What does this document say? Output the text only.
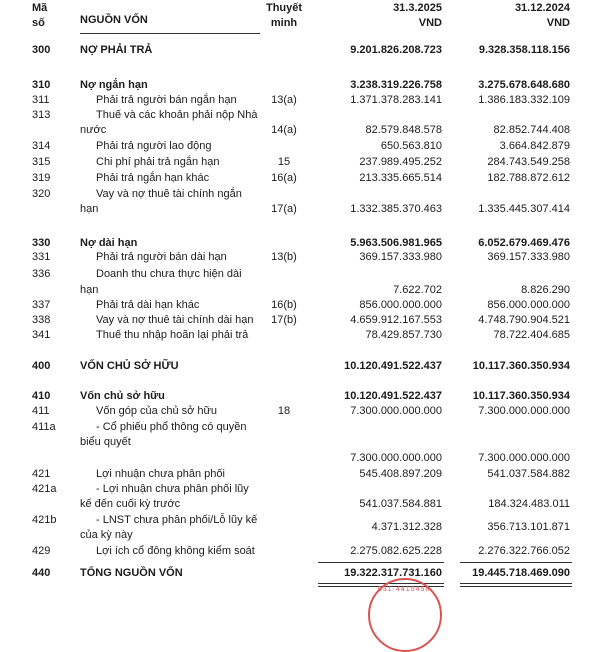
Mã
số	NGUỒN VỐN
Thuyết
minh
31.3.2025
VND
31.12.2024
VND
300	NỢ PHẢI TRẢ	9.201.826.208.723	9.328.358.118.156
310	Nợ ngắn hạn	3.238.319.226.758	3.275.678.648.680
311	Phải trả người bán ngắn hạn	13(a)	1.371.378.283.141	1.386.183.332.109
313	Thuế và các khoản phải nộp Nhà
nước	14(a)	82.579.848.578	82.852.744.408
314	Phải trả người lao động	650.563.810	3.664.842.879
315	Chi phí phải trả ngắn hạn	15	237.989.495.252	284.743.549.258
319	Phải trả ngắn hạn khác	16(a)	213.335.665.514	182.788.872.612
320	Vay và nợ thuê tài chính ngắn
hạn	17(a)	1.332.385.370.463	1.335.445.307.414
330	Nợ dài hạn	5.963.506.981.965	6.052.679.469.476
331	Phải trả người bán dài hạn	13(b)	369.157.333.980	369.157.333.980
336	Doanh thu chưa thực hiện dài
hạn	7.622.702	8.826.290
337	Phải trả dài hạn khác	16(b)	856.000.000.000	856.000.000.000
338	Vay và nợ thuê tài chính dài hạn	17(b)	4.659.912.167.553	4.748.790.904.521
341	Thuế thu nhập hoãn lại phải trả	78.429.857.730	78.722.404.685
400	VỐN CHỦ SỞ HỮU	10.120.491.522.437	10.117.360.350.934
410	Vốn chủ sở hữu	10.120.491.522.437	10.117.360.350.934
411	Vốn góp của chủ sở hữu	18	7.300.000.000.000	7.300.000.000.000
411a	- Cổ phiếu phổ thông có quyền
biểu quyết
7.300.000.000.000	7.300.000.000.000
421	Lợi nhuận chưa phân phối	545.408.897.209	541.037.584.882
421a	- Lợi nhuận chưa phân phối lũy
kế đến cuối kỳ trước	541.037.584.881	184.324.483.011
421b	- LNST chưa phân phối/Lỗ lũy kế
của kỳ này
4.371.312.328	356.713.101.871
429	Lợi ích cổ đông không kiểm soát	2.275.082.625.228	2.276.322.766.052
440	TỔNG NGUỒN VỐN	19.322.317.731.160	19.445.718.469.090
031·4415458·
